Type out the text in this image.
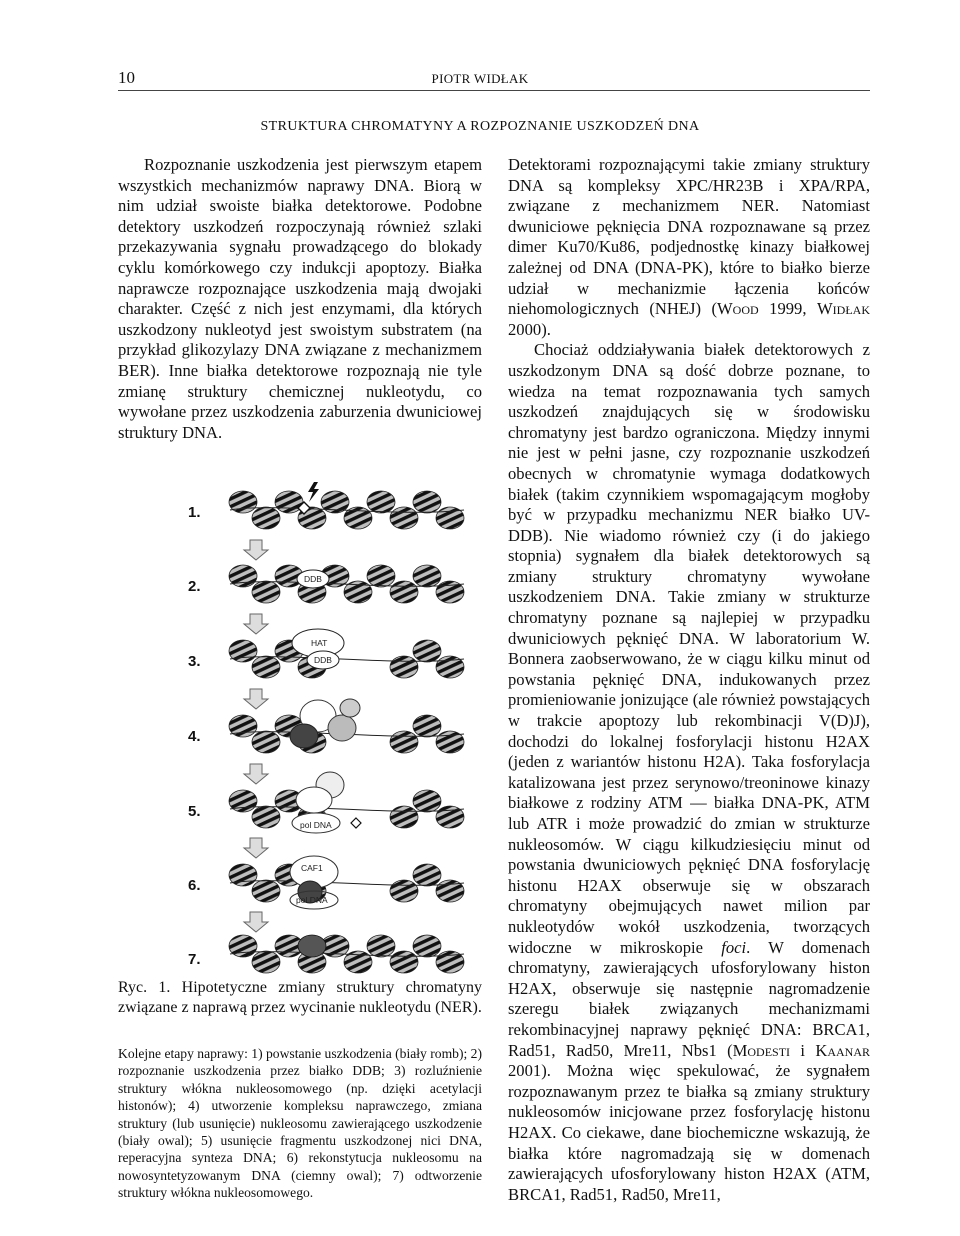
10	PIOTR WIDŁAK
STRUKTURA CHROMATYNY A ROZPOZNANIE USZKODZEŃ DNA

Rozpoznanie uszkodzenia jest pierwszym etapem wszystkich mechanizmów naprawy DNA. Biorą w nim udział swoiste białka detektorowe. Podobne detektory uszkodzeń rozpoczynają również szlaki przekazywania sygnału prowadzącego do blokady cyklu komórkowego czy indukcji apoptozy. Białka naprawcze rozpoznające uszkodzenia mają dwojaki charakter. Część z nich jest enzymami, dla których uszkodzony nukleotyd jest swoistym substratem (na przykład glikozylazy DNA związane z mechanizmem BER). Inne białka detektorowe rozpoznają nie tyle zmianę struktury chemicznej nukleotydu, co wywołane przez uszkodzenia zaburzenia dwuniciowej struktury DNA.

1.
2.
3.
4.
5.
6.
7.
DDB
HAT
DDB
pol DNA
CAF1
pol DNA
Ryc. 1. Hipotetyczne zmiany struktury chromatyny związane z naprawą przez wycinanie nukleotydu (NER).
Kolejne etapy naprawy: 1) powstanie uszkodzenia (biały romb); 2) rozpoznanie uszkodzenia przez białko DDB; 3) rozluźnienie struktury włókna nukleosomowego (np. dzięki acetylacji histonów); 4) utworzenie kompleksu naprawczego, zmiana struktury (lub usunięcie) nukleosomu zawierającego uszkodzenie (biały owal); 5) usunięcie fragmentu uszkodzonej nici DNA, reperacyjna synteza DNA; 6) rekonstytucja nukleosomu na nowosyntetyzowanym DNA (ciemny owal); 7) odtworzenie struktury włókna nukleosomowego.

Detektorami rozpoznającymi takie zmiany struktury DNA są kompleksy XPC/HR23B i XPA/RPA, związane z mechanizmem NER. Natomiast dwuniciowe pęknięcia DNA rozpoznawane są przez dimer Ku70/Ku86, podjednostkę kinazy białkowej zależnej od DNA (DNA-PK), które to białko bierze udział w mechanizmie łączenia końców niehomologicznych (NHEJ) (Wood 1999, Widłak 2000).

Chociaż oddziaływania białek detektorowych z uszkodzonym DNA są dość dobrze poznane, to wiedza na temat rozpoznawania tych samych uszkodzeń znajdujących się w środowisku chromatyny jest bardzo ograniczona. Między innymi nie jest w pełni jasne, czy rozpoznanie uszkodzeń obecnych w chromatynie wymaga dodatkowych białek (takim czynnikiem wspomagającym mogłoby być w przypadku mechanizmu NER białko UV-DDB). Nie wiadomo również czy (i do jakiego stopnia) sygnałem dla białek detektorowych są zmiany struktury chromatyny wywołane uszkodzeniem DNA. Takie zmiany w strukturze chromatyny poznane są najlepiej w przypadku dwuniciowych pęknięć DNA. W laboratorium W. Bonnera zaobserwowano, że w ciągu kilku minut od powstania pęknięć DNA, indukowanych przez promieniowanie jonizujące (ale również powstających w trakcie apoptozy lub rekombinacji V(D)J), dochodzi do lokalnej fosforylacji histonu H2AX (jeden z wariantów histonu H2A). Taka fosforylacja katalizowana jest przez serynowo/treoninowe kinazy białkowe z rodziny ATM — białka DNA-PK, ATM lub ATR i może prowadzić do zmian w strukturze nukleosomów. W ciągu kilkudziesięciu minut od powstania dwuniciowych pęknięć DNA fosforylację histonu H2AX obserwuje się w obszarach chromatyny obejmujących nawet milion par nukleotydów wokół uszkodzenia, tworzących widoczne w mikroskopie foci. W domenach chromatyny, zawierających ufosforylowany histon H2AX, obserwuje się następnie nagromadzenie szeregu białek związanych mechanizmami rekombinacyjnej naprawy pęknięć DNA: BRCA1, Rad51, Rad50, Mre11, Nbs1 (Modesti i Kaanar 2001). Można więc spekulować, że sygnałem rozpoznawanym przez te białka są zmiany struktury nukleosomów inicjowane przez fosforylację histonu H2AX. Co ciekawe, dane biochemiczne wskazują, że białka które nagromadzają się w domenach zawierających ufosforylowany histon H2AX (ATM, BRCA1, Rad51, Rad50, Mre11,
